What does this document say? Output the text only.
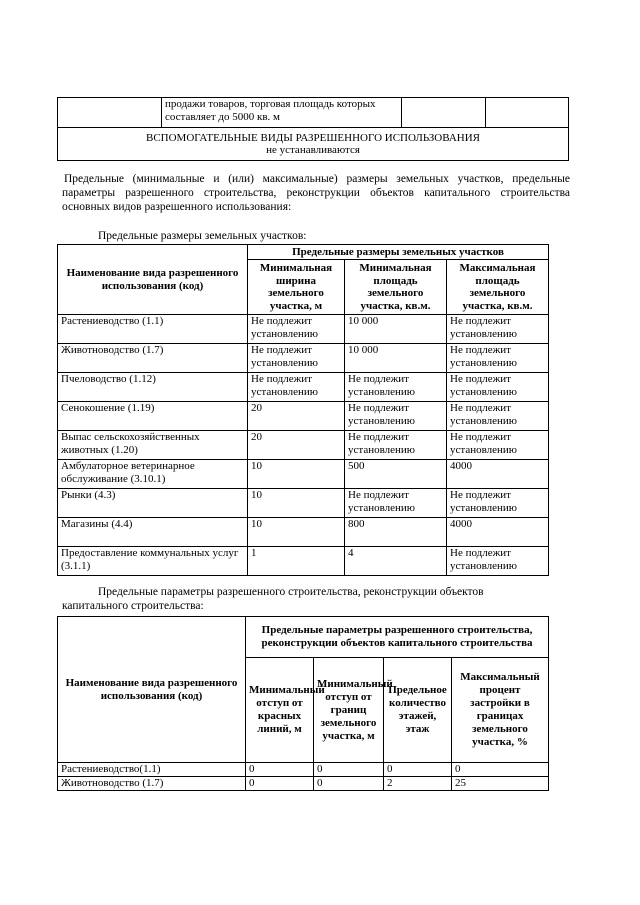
	продажи товаров, торговая площадь которых составляет до 5000 кв. м		

ВСПОМОГАТЕЛЬНЫЕ ВИДЫ РАЗРЕШЕННОГО ИСПОЛЬЗОВАНИЯ
не устанавливаются
Предельные (минимальные и (или) максимальные) размеры земельных участков, предельные параметры разрешенного строительства, реконструкции объектов капитального строительства основных видов разрешенного использования:
Предельные размеры земельных участков:
Наименование вида разрешенного использования (код)	Предельные размеры земельных участков		
	Минимальная ширина земельного участка, м	Минимальная площадь земельного участка, кв.м.	Максимальная площадь земельного участка, кв.м.
Растениеводство (1.1)	Не подлежит установлению	10 000	Не подлежит установлению
Животноводство (1.7)	Не подлежит установлению	10 000	Не подлежит установлению
Пчеловодство (1.12)	Не подлежит установлению	Не подлежит установлению	Не подлежит установлению
Сенокошение (1.19)	20	Не подлежит установлению	Не подлежит установлению
Выпас сельскохозяйственных животных (1.20)	20	Не подлежит установлению	Не подлежит установлению
Амбулаторное ветеринарное обслуживание (3.10.1)	10	500	4000
Рынки (4.3)	10	Не подлежит установлению	Не подлежит установлению
Магазины (4.4)	10	800	4000
Предоставление коммунальных услуг (3.1.1)	1	4	Не подлежит установлению
Предельные параметры разрешенного строительства, реконструкции объектов капитального строительства:
Наименование вида разрешенного использования (код)	Предельные параметры разрешенного строительства, реконструкции объектов капитального строительства			
	Минимальный отступ от красных линий, м	Минимальный отступ от границ земельного участка, м	Предельное количество этажей, этаж	Максимальный процент застройки в границах земельного участка, %
Растениеводство(1.1)	0	0	0	0
Животноводство (1.7)	0	0	2	25
